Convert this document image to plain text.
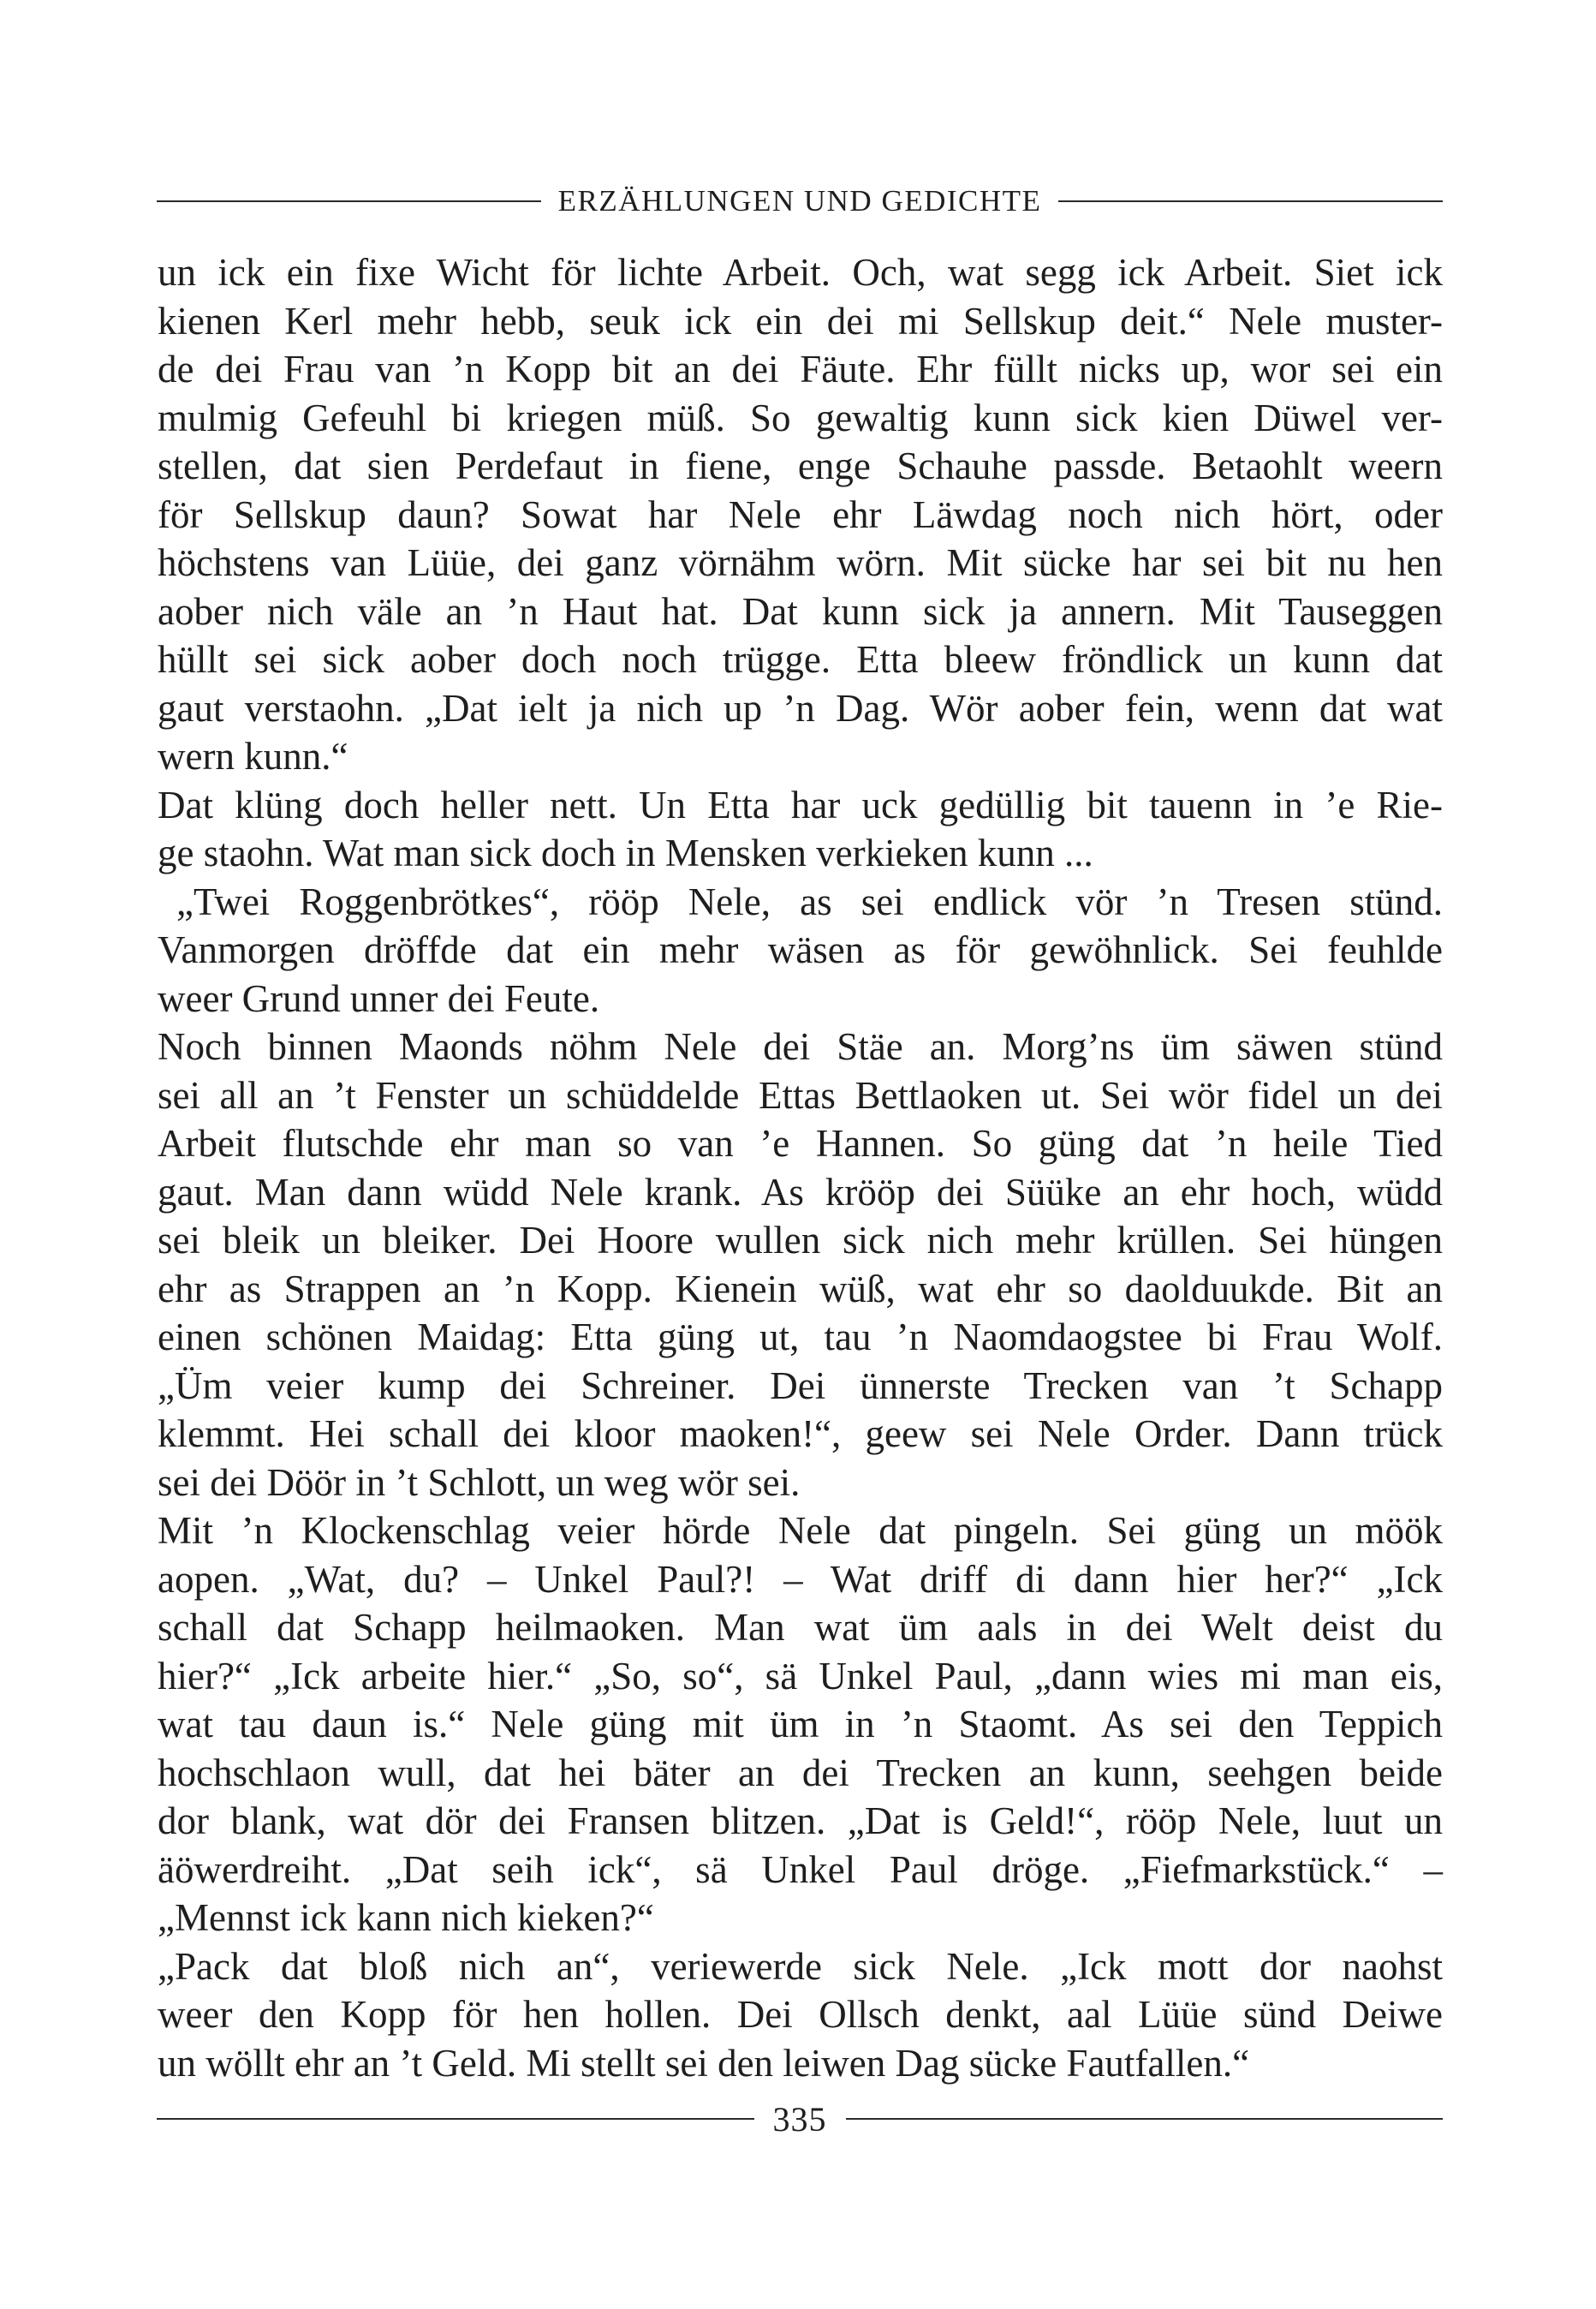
ERZÄHLUNGEN UND GEDICHTE

un ick ein fixe Wicht för lichte Arbeit. Och, wat segg ick Arbeit. Siet ick

kienen Kerl mehr hebb, seuk ick ein dei mi Sellskup deit.“ Nele muster-

de dei Frau van ’n Kopp bit an dei Fäute. Ehr füllt nicks up, wor sei ein

mulmig Gefeuhl bi kriegen müß. So gewaltig kunn sick kien Düwel ver-

stellen, dat sien Perdefaut in fiene, enge Schauhe passde. Betaohlt weern

för Sellskup daun? Sowat har Nele ehr Läwdag noch nich hört, oder

höchstens van Lüüe, dei ganz vörnähm wörn. Mit sücke har sei bit nu hen

aober nich väle an ’n Haut hat. Dat kunn sick ja annern. Mit Tauseggen

hüllt sei sick aober doch noch trügge. Etta bleew fröndlick un kunn dat

gaut verstaohn. „Dat ielt ja nich up ’n Dag. Wör aober fein, wenn dat wat

wern kunn.“

Dat klüng doch heller nett. Un Etta har uck gedüllig bit tauenn in ’e Rie-

ge staohn. Wat man sick doch in Mensken verkieken kunn ...

„Twei Roggenbrötkes“, rööp Nele, as sei endlick vör ’n Tresen stünd.

Vanmorgen dröffde dat ein mehr wäsen as för gewöhnlick. Sei feuhlde

weer Grund unner dei Feute.

Noch binnen Maonds nöhm Nele dei Stäe an. Morg’ns üm säwen stünd

sei all an ’t Fenster un schüddelde Ettas Bettlaoken ut. Sei wör fidel un dei

Arbeit flutschde ehr man so van ’e Hannen. So güng dat ’n heile Tied

gaut. Man dann wüdd Nele krank. As krööp dei Süüke an ehr hoch, wüdd

sei bleik un bleiker. Dei Hoore wullen sick nich mehr krüllen. Sei hüngen

ehr as Strappen an ’n Kopp. Kienein wüß, wat ehr so daolduukde. Bit an

einen schönen Maidag: Etta güng ut, tau ’n Naomdaogstee bi Frau Wolf.

„Üm veier kump dei Schreiner. Dei ünnerste Trecken van ’t Schapp

klemmt. Hei schall dei kloor maoken!“, geew sei Nele Order. Dann trück

sei dei Döör in ’t Schlott, un weg wör sei.

Mit ’n Klockenschlag veier hörde Nele dat pingeln. Sei güng un möök

aopen. „Wat, du? – Unkel Paul?! – Wat driff di dann hier her?“ „Ick

schall dat Schapp heilmaoken. Man wat üm aals in dei Welt deist du

hier?“ „Ick arbeite hier.“ „So, so“, sä Unkel Paul, „dann wies mi man eis,

wat tau daun is.“ Nele güng mit üm in ’n Staomt. As sei den Teppich

hochschlaon wull, dat hei bäter an dei Trecken an kunn, seehgen beide

dor blank, wat dör dei Fransen blitzen. „Dat is Geld!“, rööp Nele, luut un

äöwerdreiht. „Dat seih ick“, sä Unkel Paul dröge. „Fiefmarkstück.“ –

„Mennst ick kann nich kieken?“

„Pack dat bloß nich an“, veriewerde sick Nele. „Ick mott dor naohst

weer den Kopp för hen hollen. Dei Ollsch denkt, aal Lüüe sünd Deiwe

un wöllt ehr an ’t Geld. Mi stellt sei den leiwen Dag sücke Fautfallen.“

335
